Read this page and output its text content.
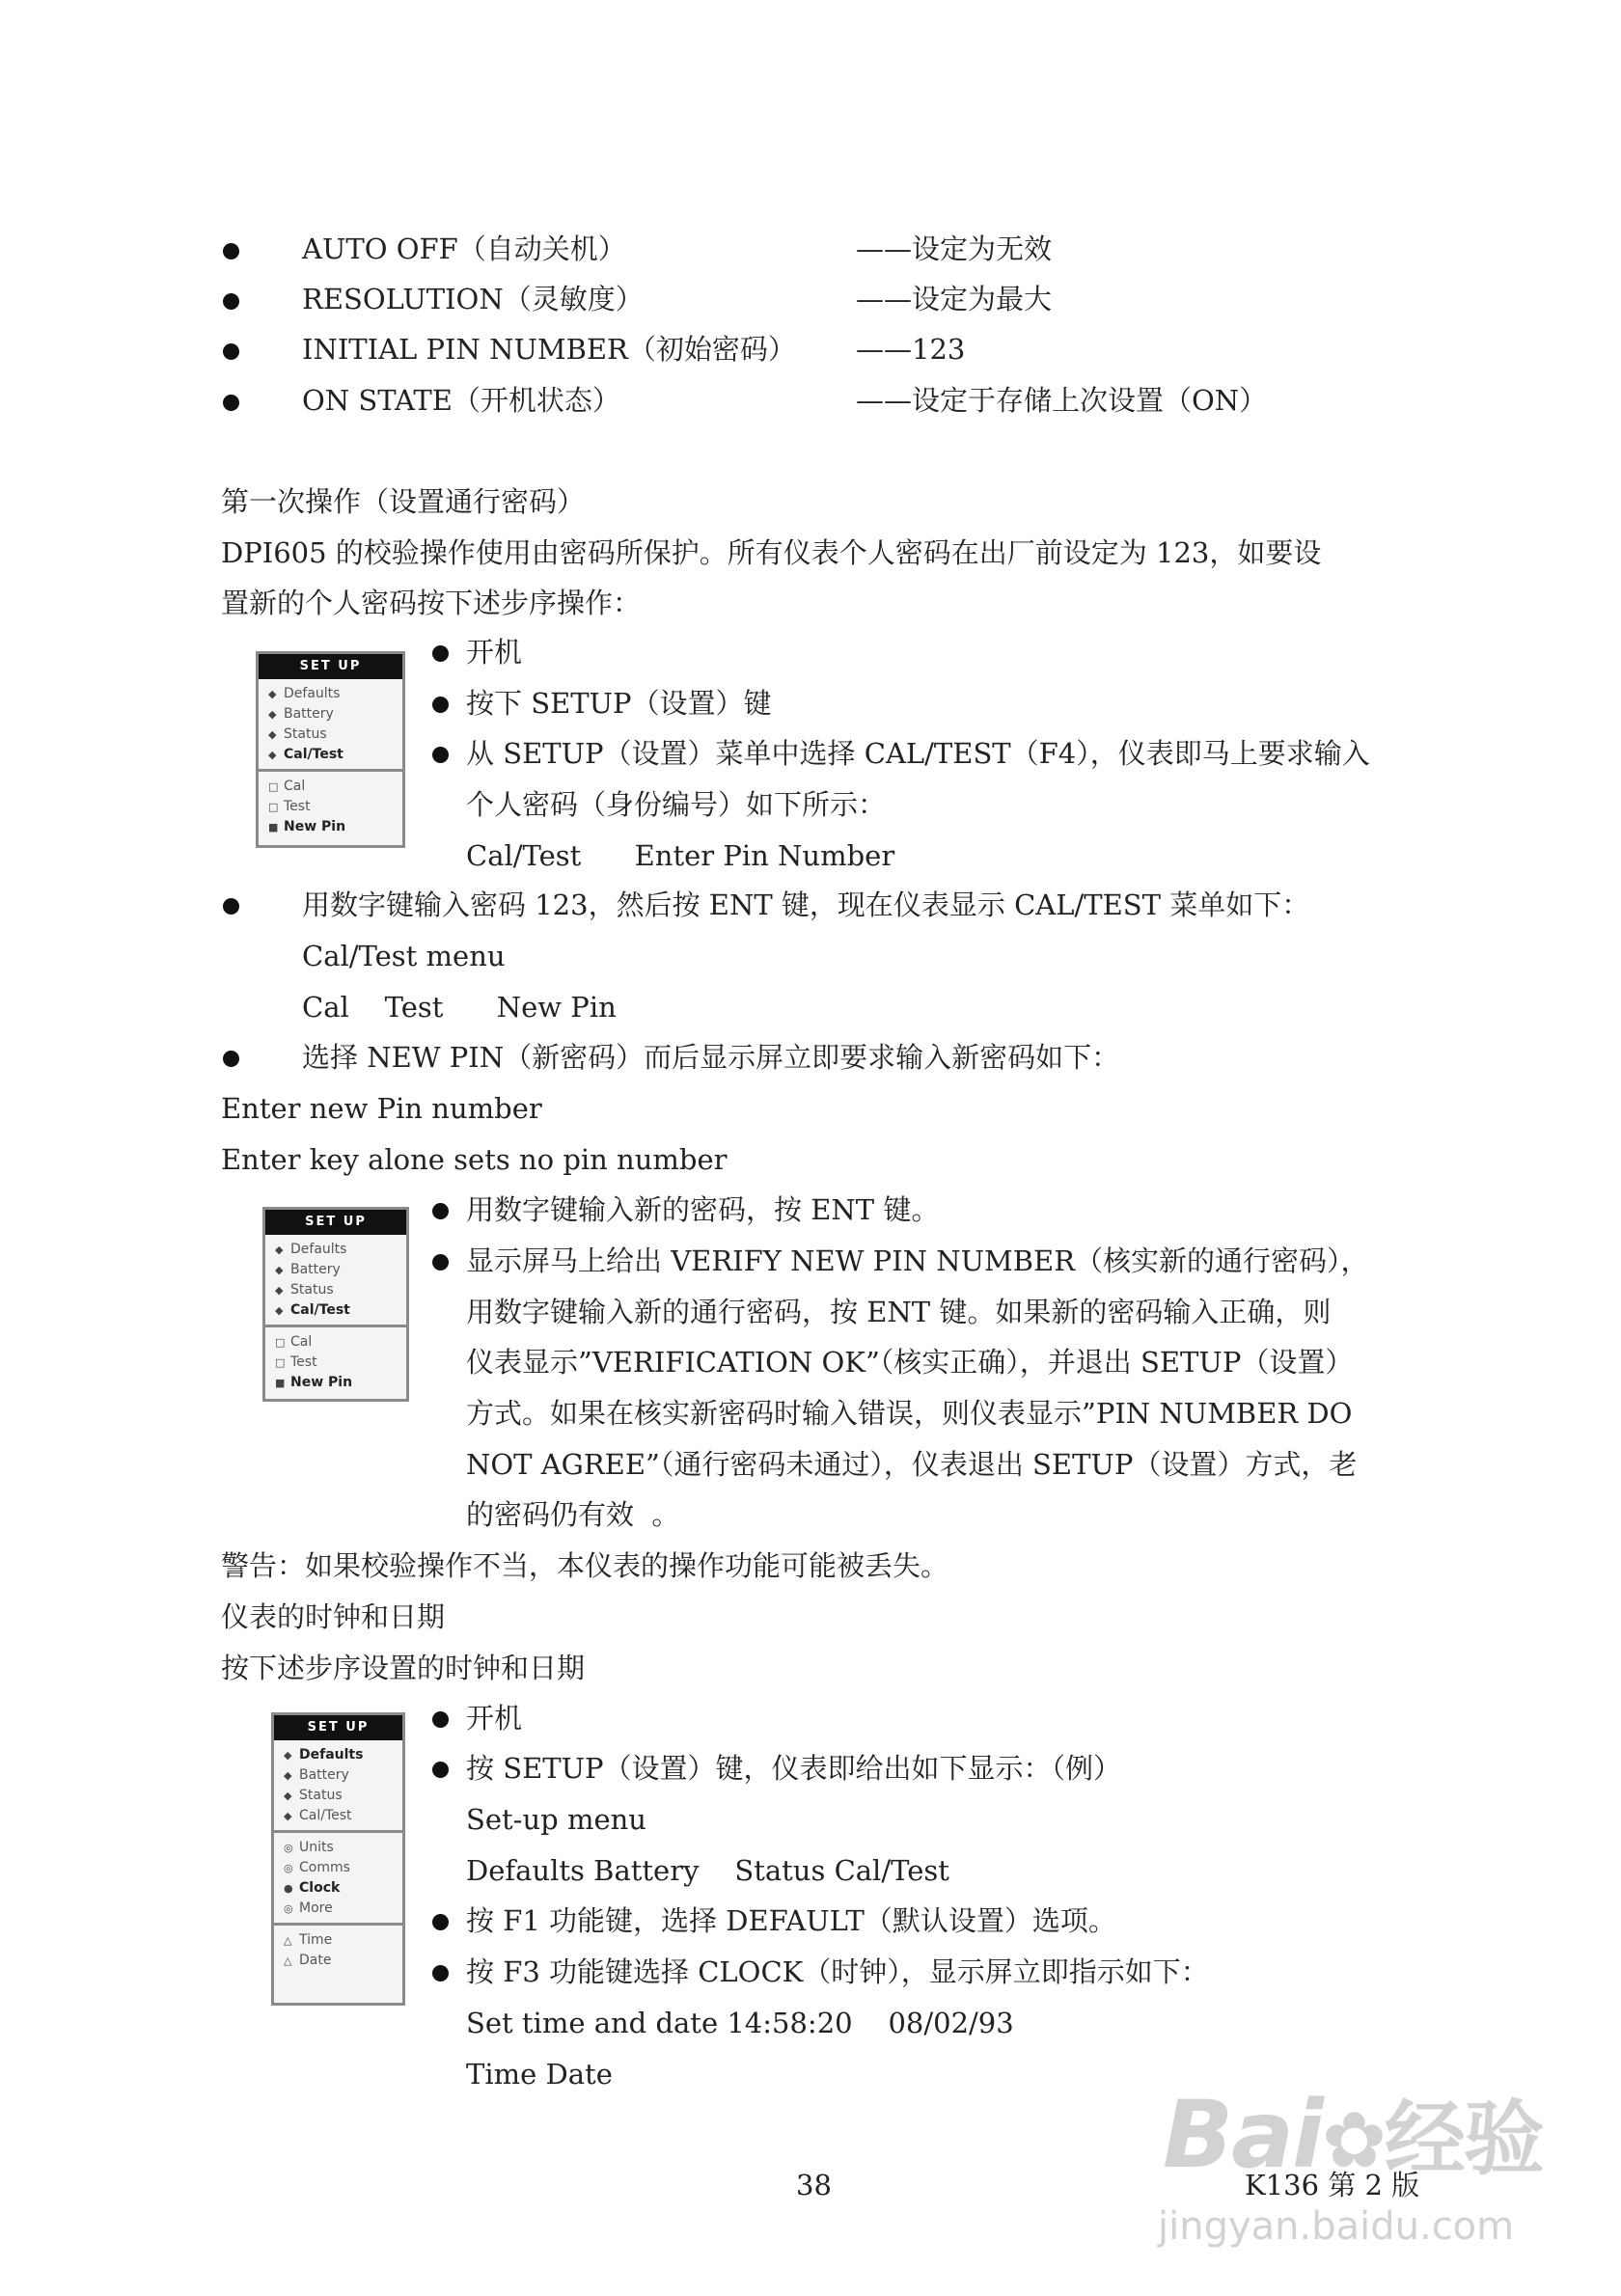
AUTO OFF（自动关机）	——设定为无效
RESOLUTION（灵敏度）	——设定为最大
INITIAL PIN NUMBER（初始密码） ——123
ON STATE（开机状态）	——设定于存储上次设置（ON）
第一次操作（设置通行密码）
DPI605 的校验操作使用由密码所保护。所有仪表个人密码在出厂前设定为 123，如要设
置新的个人密码按下述步序操作：
SET UP
◆ Defaults
◆ Battery
◆ Status
◆ Cal/Test
□ Cal
□ Test
■ New Pin
开机
按下 SETUP（设置）键
从 SETUP（设置）菜单中选择 CAL/TEST（F4），仪表即马上要求输入
个人密码（身份编号）如下所示：
Cal/Test      Enter Pin Number
用数字键输入密码 123，然后按 ENT 键，现在仪表显示 CAL/TEST 菜单如下：
Cal/Test menu
Cal    Test      New Pin
选择 NEW PIN（新密码）而后显示屏立即要求输入新密码如下：
Enter new Pin number
Enter key alone sets no pin number
SET UP
◆ Defaults
◆ Battery
◆ Status
◆ Cal/Test
□ Cal
□ Test
■ New Pin
用数字键输入新的密码，按 ENT 键。
显示屏马上给出 VERIFY NEW PIN NUMBER（核实新的通行密码），
用数字键输入新的通行密码，按 ENT 键。如果新的密码输入正确，则
仪表显示”VERIFICATION OK”（核实正确），并退出 SETUP（设置）
方式。如果在核实新密码时输入错误，则仪表显示”PIN NUMBER DO
NOT AGREE”（通行密码未通过），仪表退出 SETUP（设置）方式，老
的密码仍有效  。
警告：如果校验操作不当，本仪表的操作功能可能被丢失。
仪表的时钟和日期
按下述步序设置的时钟和日期
SET UP
◆ Defaults
◆ Battery
◆ Status
◆ Cal/Test
◎ Units
◎ Comms
● Clock
◎ More
△ Time
△ Date
开机
按 SETUP（设置）键，仪表即给出如下显示：（例）
Set-up menu
Defaults Battery    Status Cal/Test
按 F1 功能键，选择 DEFAULT（默认设置）选项。
按 F3 功能键选择 CLOCK（时钟），显示屏立即指示如下：
Set time and date 14:58:20    08/02/93
Time Date
Bai✿经验
jingyan.baidu.com
38	K136 第 2 版
